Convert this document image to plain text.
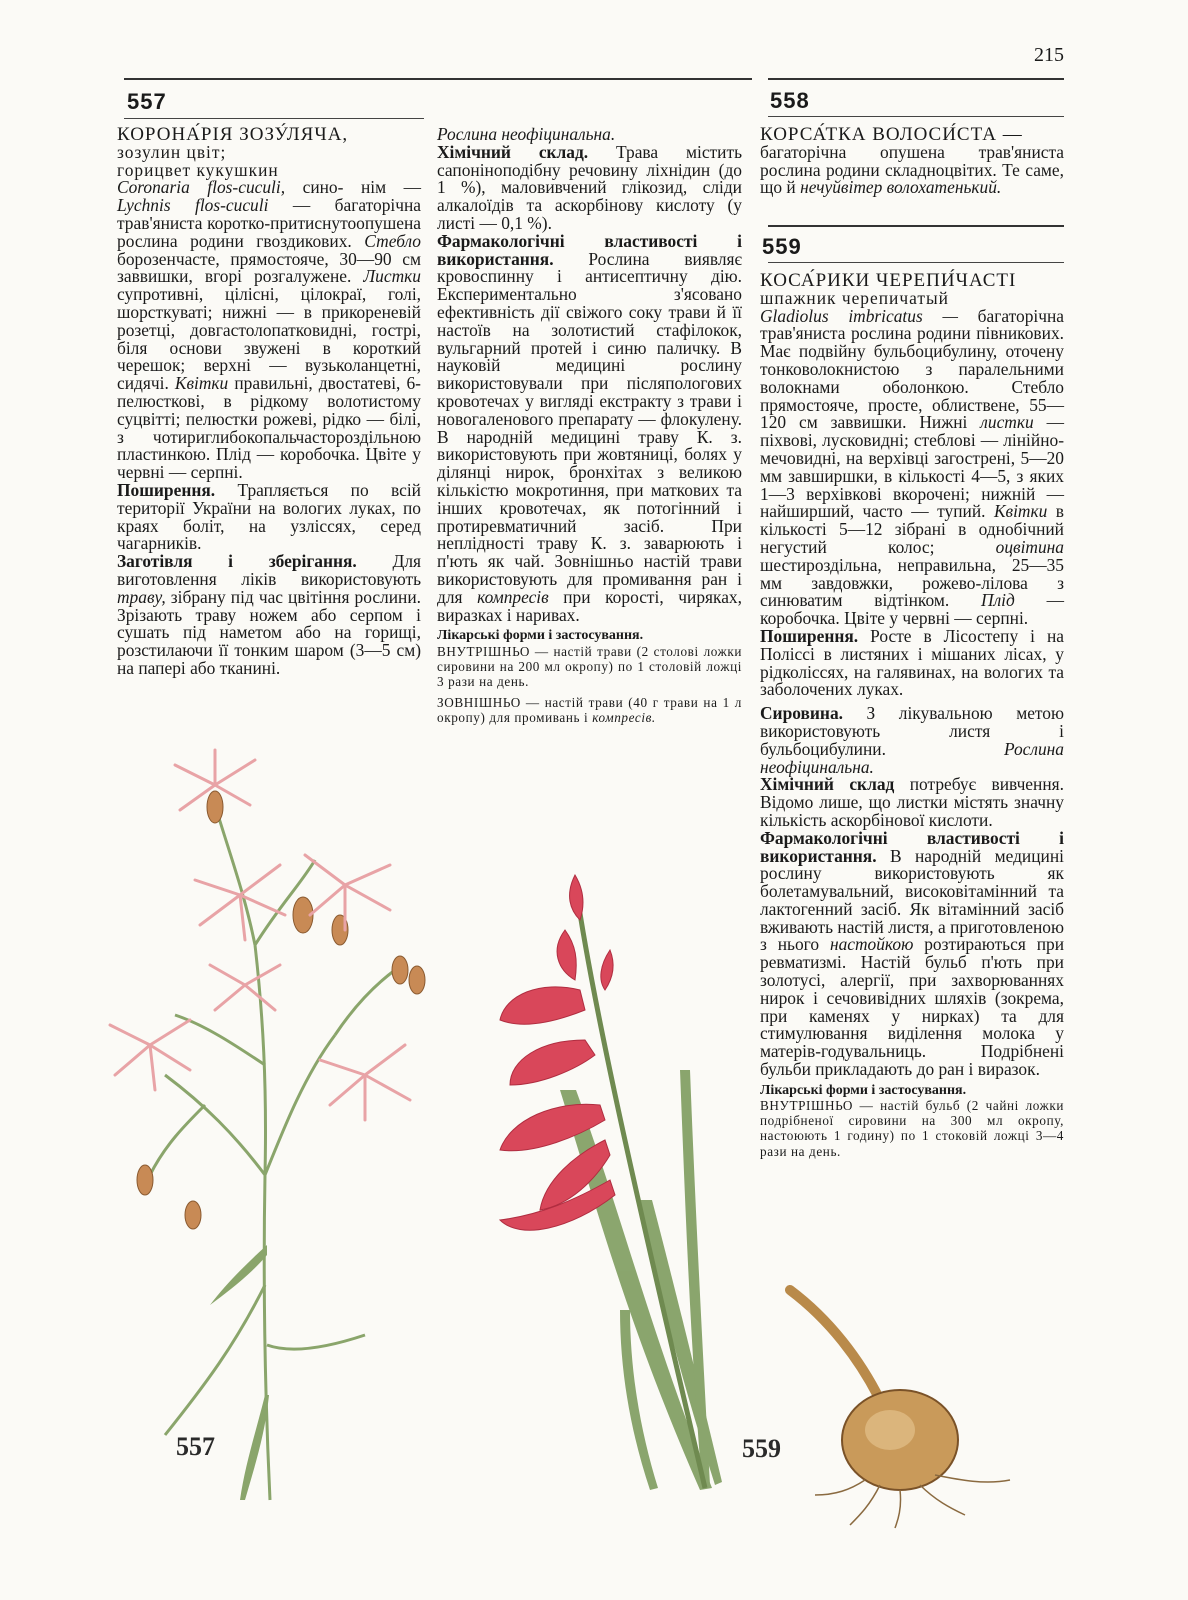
215
557	558
559

КОРОНА́РІЯ ЗОЗУ́ЛЯЧА,

зозулин цвіт;

горицвет кукушкин

Coronaria flos-cuculi, сино- нім — Lychnis flos-cuculi — багаторічна трав'яниста коротко-притиснутоопушена рослина родини гвоздикових. Стебло борозенчасте, прямостояче, 30—90 см заввишки, вгорі розгалужене. Листки супротивні, цілісні, цілокраї, голі, шорсткуваті; нижні — в прикореневій розетці, довгастолопатковидні, гострі, біля основи звужені в короткий черешок; верхні — вузьколанцетні, сидячі. Квітки правильні, двостатеві, 6-пелюсткові, в рідкому волотистому суцвітті; пелюстки рожеві, рідко — білі, з чотириглибокопальчастороздільною пластинкою. Плід — коробочка. Цвіте у червні — серпні.

Поширення. Трапляється по всій території України на вологих луках, по краях боліт, на узліссях, серед чагарників.

Заготівля і зберігання. Для виготовлення ліків використовують траву, зібрану під час цвітіння рослини. Зрізають траву ножем або серпом і сушать під наметом або на горищі, розстилаючи її тонким шаром (3—5 см) на папері або тканині.

Рослина неофіцинальна.

Хімічний склад. Трава містить сапоніноподібну речовину ліхнідин (до 1 %), маловивчений глікозид, сліди алкалоїдів та аскорбінову кислоту (у листі — 0,1 %).

Фармакологічні властивості і використання. Рослина виявляє кровоспинну і антисептичну дію. Експериментально з'ясовано ефективність дії свіжого соку трави й її настоїв на золотистий стафілокок, вульгарний протей і синю паличку. В науковій медицині рослину використовували при післяпологових кровотечах у вигляді екстракту з трави і новогаленового препарату — флокулену. В народній медицині траву К. з. використовують при жовтяниці, болях у ділянці нирок, бронхітах з великою кількістю мокротиння, при маткових та інших кровотечах, як потогінний і протиревматичний засіб. При неплідності траву К. з. заварюють і п'ють як чай. Зовнішньо настій трави використовують для промивання ран і для компресів при корості, чиряках, виразках і наривах.

Лікарські форми і застосування.
ВНУТРІШНЬО — настій трави (2 столові ложки сировини на 200 мл окропу) по 1 столовій ложці 3 рази на день.
ЗОВНІШНЬО — настій трави (40 г трави на 1 л окропу) для промивань і компресів.

КОРСА́ТКА ВОЛОСИ́СТА —

багаторічна опушена трав'яниста рослина родини складноцвітих. Те саме, що й нечуйвітер волохатенький.

КОСА́РИКИ ЧЕРЕПИ́ЧАСТІ

шпажник черепичатый

Gladiolus imbricatus — багаторічна трав'яниста рослина родини півникових. Має подвійну бульбоцибулину, оточену тонковолокнистою з паралельними волокнами оболонкою. Стебло прямостояче, просте, облиствене, 55—120 см заввишки. Нижні листки — піхвові, лусковидні; стеблові — лінійно-мечовидні, на верхівці загострені, 5—20 мм завширшки, в кількості 4—5, з яких 1—3 верхівкові вкорочені; нижній — найширший, часто — тупий. Квітки в кількості 5—12 зібрані в однобічний негустий колос;	оцвітина шестироздільна, неправильна, 25—35 мм завдовжки, рожево-лілова з синюватим відтінком. Плід — коробочка. Цвіте у червні — серпні.

Поширення. Росте в Лісостепу і на Поліссі в листяних і мішаних лісах, у рідколіссях, на галявинах, на вологих та заболочених луках.

Сировина. З лікувальною метою використовують листя і бульбоцибулини.	Рослина неофіцинальна.

Хімічний склад потребує вивчення. Відомо лише, що листки містять значну кількість аскорбінової кислоти.

Фармакологічні властивості і використання. В народній медицині рослину використовують як болетамувальний, високовітамінний та лактогенний засіб. Як вітамінний засіб вживають настій листя, а приготовленою з нього настойкою розтираються при ревматизмі. Настій бульб п'ють при золотусі, алергії, при захворюваннях нирок і сечовивідних шляхів (зокрема, при каменях у нирках) та для стимулювання виділення молока у матерів-годувальниць. Подрібнені бульби прикладають до ран і виразок.

Лікарські форми і застосування.
ВНУТРІШНЬО — настій бульб (2 чайні ложки подрібненої сировини на 300 мл окропу, настоюють 1 годину) по 1 стоковій ложці 3—4 рази на день.
557	559
